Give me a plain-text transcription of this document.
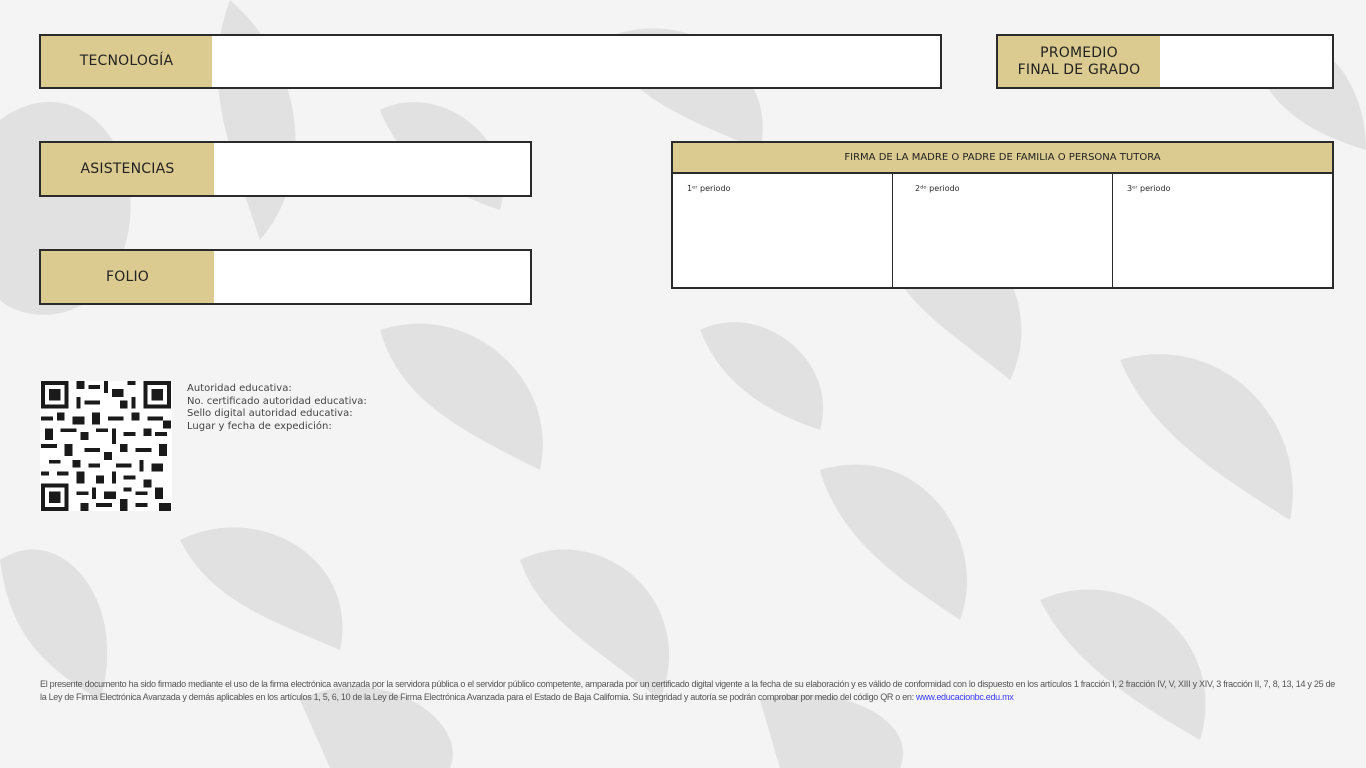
TECNOLOGÍA
PROMEDIO
FINAL DE GRADO
ASISTENCIAS
FOLIO
FIRMA DE LA MADRE O PADRE DE FAMILIA O PERSONA TUTORA
1ᵉʳ periodo	2ᵈᵒ periodo	3ᵉʳ periodo
Autoridad educativa:
No. certificado autoridad educativa:
Sello digital autoridad educativa:
Lugar y fecha de expedición:
El presente documento ha sido firmado mediante el uso de la firma electrónica avanzada por la servidora pública o el servidor público competente, amparada por un certificado digital vigente a la fecha de su elaboración y es válido de conformidad con lo dispuesto en los artículos 1 fracción I, 2 fracción IV, V, XIII y XIV, 3 fracción II, 7, 8, 13, 14 y 25 de la Ley de Firma Electrónica Avanzada y demás aplicables en los artículos 1, 5, 6, 10 de la Ley de Firma Electrónica Avanzada para el Estado de Baja California. Su integridad y autoría se podrán comprobar por medio del código QR o en: www.educacionbc.edu.mx
